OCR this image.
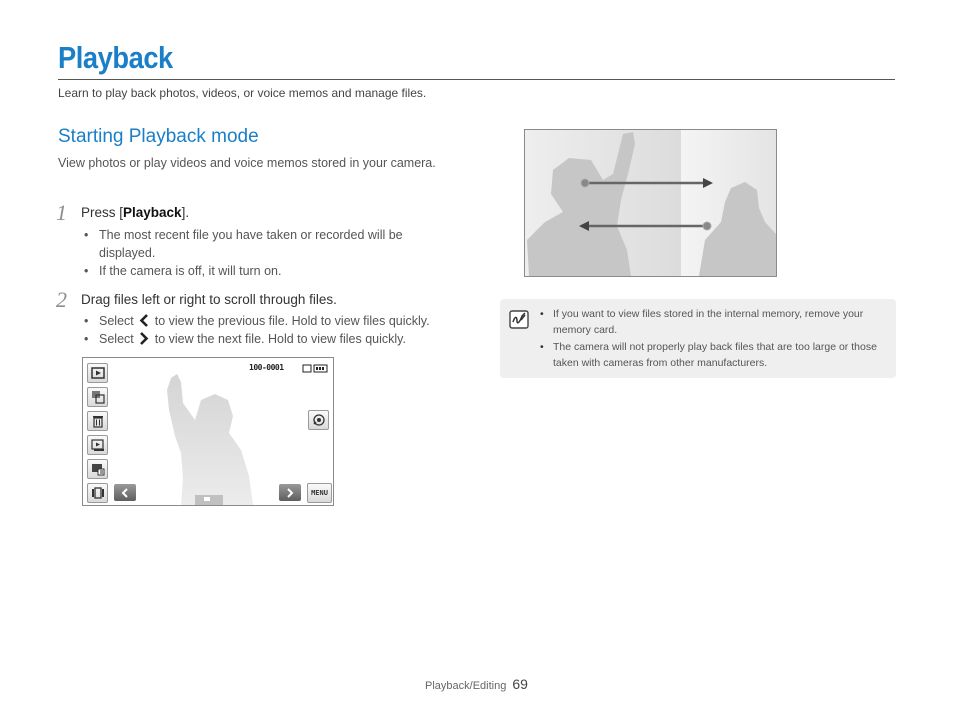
Playback
Learn to play back photos, videos, or voice memos and manage files.
Starting Playback mode
View photos or play videos and voice memos stored in your camera.
1 Press [Playback].
• The most recent file you have taken or recorded will be displayed.
• If the camera is off, it will turn on.
2 Drag files left or right to scroll through files.
• Select to view the previous file. Hold to view files quickly.
• Select to view the next file. Hold to view files quickly.
100-0001
MENU
• If you want to view files stored in the internal memory, remove your memory card.
• The camera will not properly play back files that are too large or those taken with cameras from other manufacturers.
Playback/Editing 69
